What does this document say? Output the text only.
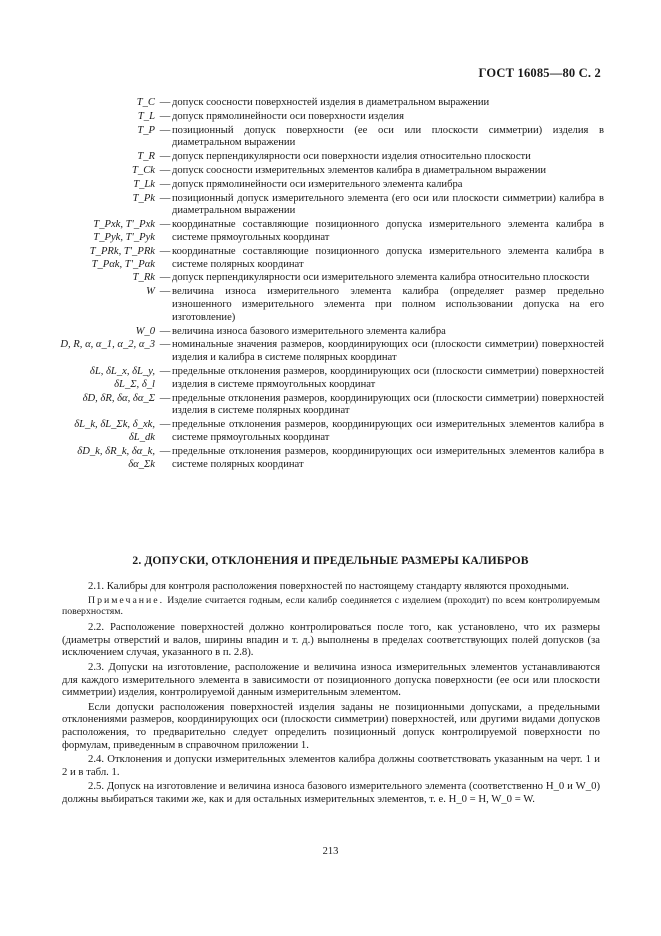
ГОСТ 16085—80 С. 2
T_C — допуск соосности поверхностей изделия в диаметральном выражении
T_L — допуск прямолинейности оси поверхности изделия
T_P — позиционный допуск поверхности (ее оси или плоскости симметрии) изделия в диаметральном выражении
T_R — допуск перпендикулярности оси поверхности изделия относительно плоскости
T_Ck — допуск соосности измерительных элементов калибра в диаметральном выражении
T_Lk — допуск прямолинейности оси измерительного элемента калибра
T_Pk — позиционный допуск измерительного элемента (его оси или плоскости симметрии) калибра в диаметральном выражении
T_Pxk, T'_Pxk
T_Pyk, T'_Pyk
— координатные составляющие позиционного допуска измерительного элемента калибра в системе прямоугольных координат
T_PRk, T'_PRk
T_Pαk, T'_Pαk
— координатные составляющие позиционного допуска измерительного элемента калибра в системе полярных координат
T_Rk — допуск перпендикулярности оси измерительного элемента калибра относительно плоскости
W — величина износа измерительного элемента калибра (определяет размер предельно изношенного измерительного элемента при полном использовании допуска на его изготовление)
W_0 — величина износа базового измерительного элемента калибра
D, R, α, α_1, α_2, α_3 — номинальные значения размеров, координирующих оси (плоскости симметрии) поверхностей изделия и калибра в системе полярных координат
δL, δL_x, δL_y,
δL_Σ, δ_l
— предельные отклонения размеров, координирующих оси (плоскости симметрии) поверхностей изделия в системе прямоугольных координат
δD, δR, δα, δα_Σ — предельные отклонения размеров, координирующих оси (плоскости симметрии) поверхностей изделия в системе полярных координат
δL_k, δL_Σk, δ_xk,
δL_dk
— предельные отклонения размеров, координирующих оси измерительных элементов калибра в системе прямоугольных координат
δD_k, δR_k, δα_k, δα_Σk
— предельные отклонения размеров, координирующих оси измерительных элементов калибра в системе полярных координат
2. ДОПУСКИ, ОТКЛОНЕНИЯ И ПРЕДЕЛЬНЫЕ РАЗМЕРЫ КАЛИБРОВ

2.1. Калибры для контроля расположения поверхностей по настоящему стандарту являются проходными.

Примечание. Изделие считается годным, если калибр соединяется с изделием (проходит) по всем контролируемым поверхностям.

2.2. Расположение поверхностей должно контролироваться после того, как установлено, что их размеры (диаметры отверстий и валов, ширины впадин и т. д.) выполнены в пределах соответствующих полей допусков (за исключением случая, указанного в п. 2.8).

2.3. Допуски на изготовление, расположение и величина износа измерительных элементов устанавливаются для каждого измерительного элемента в зависимости от позиционного допуска поверхности (ее оси или плоскости симметрии) изделия, контролируемой данным измерительным элементом.

Если допуски расположения поверхностей изделия заданы не позиционными допусками, а предельными отклонениями размеров, координирующих оси (плоскости симметрии) поверхностей, или другими видами допусков расположения, то предварительно следует определить позиционный допуск контролируемой поверхности по формулам, приведенным в справочном приложении 1.

2.4. Отклонения и допуски измерительных элементов калибра должны соответствовать указанным на черт. 1 и 2 и в табл. 1.

2.5. Допуск на изготовление и величина износа базового измерительного элемента (соответственно H_0 и W_0) должны выбираться такими же, как и для остальных измерительных элементов, т. е. H_0 = H, W_0 = W.

213
